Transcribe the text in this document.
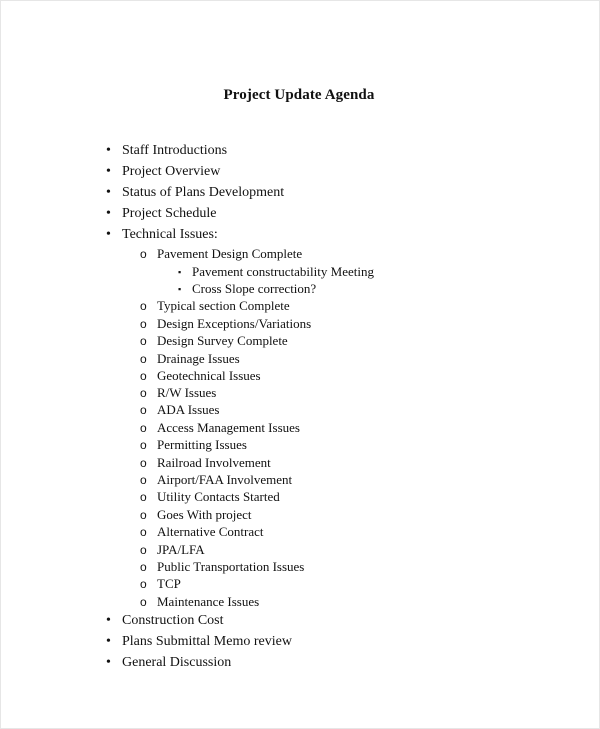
Project Update Agenda
• Staff Introductions
• Project Overview
• Status of Plans Development
• Project Schedule
• Technical Issues:
o Pavement Design Complete
▪ Pavement constructability Meeting
▪ Cross Slope correction?
o Typical section Complete
o Design Exceptions/Variations
o Design Survey Complete
o Drainage Issues
o Geotechnical Issues
o R/W Issues
o ADA Issues
o Access Management Issues
o Permitting Issues
o Railroad Involvement
o Airport/FAA Involvement
o Utility Contacts Started
o Goes With project
o Alternative Contract
o JPA/LFA
o Public Transportation Issues
o TCP
o Maintenance Issues
• Construction Cost
• Plans Submittal Memo review
• General Discussion
